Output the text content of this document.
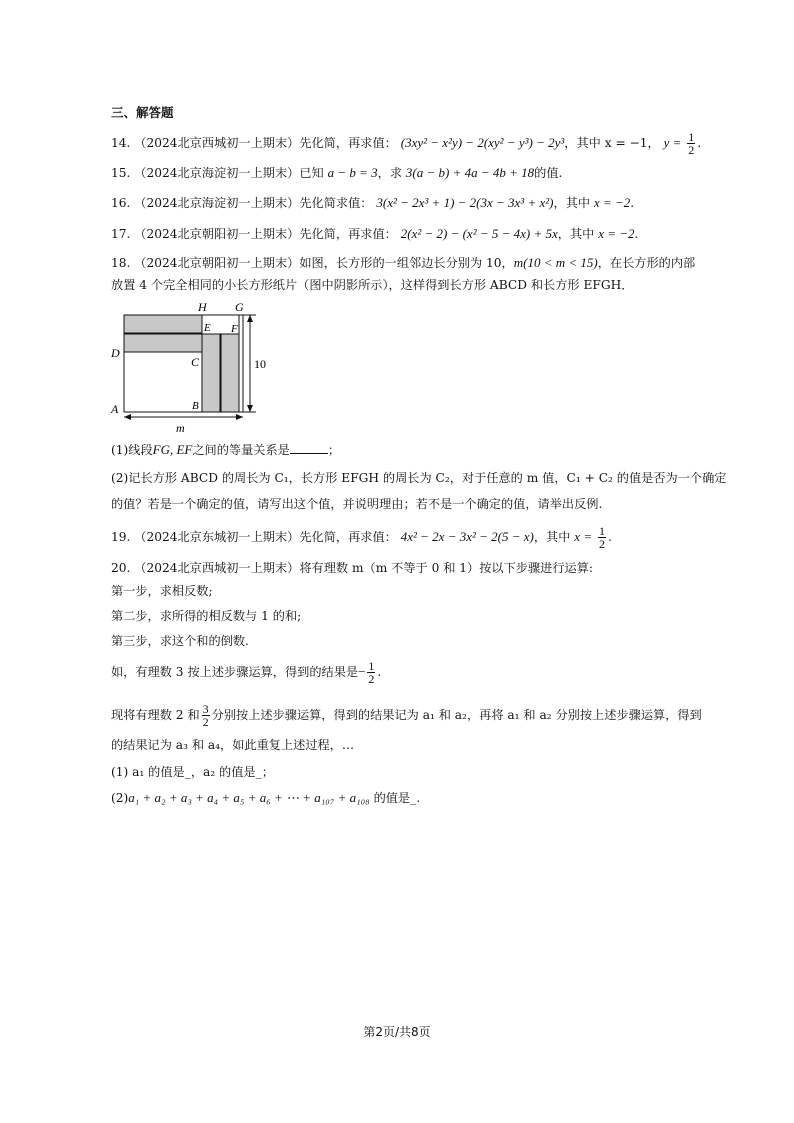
三、解答题
14. （2024北京西城初一上期末）先化简，再求值： (3xy² − x²y) − 2(xy² − y³) − 2y³，其中 x = −1， $y = \frac{1}{2}$ .
15. （2024北京海淀初一上期末）已知 a − b = 3，求 3(a − b) + 4a − 4b + 18的值.
16. （2024北京海淀初一上期末）先化简求值： 3(x² − 2x³ + 1) − 2(3x − 3x³ + x²)，其中 x = −2.
17. （2024北京朝阳初一上期末）先化简，再求值： 2(x² − 2) − (x² − 5 − 4x) + 5x，其中 x = −2.
18. （2024北京朝阳初一上期末）如图，长方形的一组邻边长分别为 10，m(10 < m < 15)，在长方形的内部
放置 4 个完全相同的小长方形纸片（图中阴影所示），这样得到长方形 ABCD 和长方形 EFGH．
H G
E F
D
C
A	B
10
m
(1)线段FG, EF之间的等量关系是	；
(2)记长方形 ABCD 的周长为 C₁，长方形 EFGH 的周长为 C₂，对于任意的 m 值，C₁ + C₂ 的值是否为一个确定
的值？若是一个确定的值，请写出这个值，并说明理由；若不是一个确定的值，请举出反例.
19. （2024北京东城初一上期末）先化简，再求值： 4x² − 2x − 3x² − 2(5 − x)，其中 $x = \frac{1}{2}$ .
20. （2024北京西城初一上期末）将有理数 m（m 不等于 0 和 1）按以下步骤进行运算:
第一步，求相反数;
第二步，求所得的相反数与 1 的和;
第三步，求这个和的倒数.
如，有理数 3 按上述步骤运算，得到的结果是− $\frac{1}{2}$ .
现将有理数 2 和 $\frac{3}{2}$ 分别按上述步骤运算，得到的结果记为 a₁ 和 a₂，再将 a₁ 和 a₂ 分别按上述步骤运算，得到
的结果记为 a₃ 和 a₄，如此重复上述过程，…
(1) a₁ 的值是_，a₂ 的值是_；
(2)a₁ + a₂ + a₃ + a₄ + a₅ + a₆ + ⋯ + a₁₀₇ + a₁₀₈ 的值是_.
第2页/共8页
